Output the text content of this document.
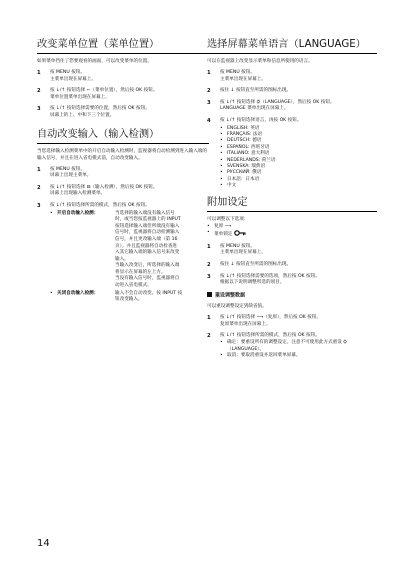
改变菜单位置（菜单位置）

如果菜单挡住了您要观看的画面，可以改变菜单的位置。

1 按 MENU 按钮。
主菜单出现在屏幕上。
2 按 ↓/↑ 按钮选择 ⌐（菜单位置），然后按 OK 按钮。
菜单位置菜单出现在屏幕上。
3 按 ↓/↑ 按钮选择需要的位置，然后按 OK 按钮。
屏幕上的上、中和下三个位置。
自动改变输入（输入检测）

当您选择输入检测菜单中的开启自动输入检测时，监视器将自动检测到进入输入端的输入信号，并且在进入省电模式前，自动改变输入。

1 按 MENU 按钮。
屏幕上出现主菜单。
2 按 ↓/↑ 按钮选择 ⊟（输入检测），然后按 OK 按钮。
屏幕上出现输入检测菜单。
3 按 ↓/↑ 按钮选择所需的模式，然后按 OK 按钮。
• 开启自动输入检测：	当选择的输入端没有输入信号
时，或当您按监视器上的 INPUT
按钮选择输入端但所端没有输入
信号时，监视器将自动检测输入
信号，并且更改输入端（第 16
页）。并且监视器将自动检查进
入其它输入端的输入信号来改变
输入。
当输入改变后，所选择的输入端
将显示在屏幕的左上方。
当没有输入信号时，监视器将自
动进入省电模式。
• 关闭自动输入检测：	输入不会自动改变。按 INPUT 按
钮改变输入。
选择屏幕菜单语言（LANGUAGE）

可以在监视器上改变显示菜单和信息所使用的语言。

1 按 MENU 按钮。
主菜单出现在屏幕上。
2 按住 ↓ 按钮直至所需的图标出现。
3 按 ↓/↑ 按钮选择 ⛭（LANGUAGE），然后按 OK 按钮。
LANGUAGE 菜单出现在屏幕上。
4 按 ↓/↑ 按钮选择语言，再按 OK 按钮。
• ENGLISH: 英语
• FRANÇAIS: 法语
• DEUTSCH: 德语
• ESPAÑOL: 西班牙语
• ITALIANO: 意大利语
• NEDERLANDS: 荷兰语
• SVENSKA: 瑞典语
• РУССКИЙ: 俄语
• 日本語：日本语
• 中文
附加设定

可以调整以下选项：

• 复原 ⟶
• 菜单锁定
1 按 MENU 按钮。
主菜单出现在屏幕上。
2 按住 ↓ 按钮直至所需的图标出现。
3 按 ↓/↑ 按钮选择需要的选项，然后按 OK 按钮。
根据以下说明调整所选的项目。
重设调整数据

可以重设调整设定到缺省值。

1 按 ↓/↑ 按钮选择 ⟶（复原），然后按 OK 按钮。
复原菜单出现在屏幕上。
2 按 ↓/↑ 按钮选择所需的模式，然后按 OK 按钮。
• 确定：要重设所有的调整设定。注意不可使用此方式重设 ⛭（LANGUAGE）。
• 取消：要取消重设并返回菜单屏幕。
14
